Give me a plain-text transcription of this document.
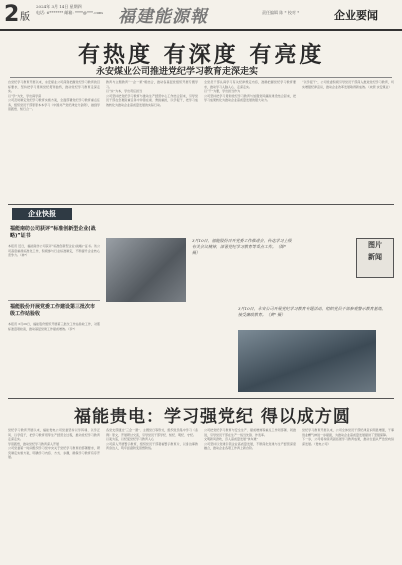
2 版
2024年 3月 14日 星期四
电话: 6******* 邮箱: ****@***.com 福建能源報	责任编辑 陈 * 校对 *	企业要闻
有热度 有深度 有亮度
永安煤业公司推进党纪学习教育走深走实
自党纪学习教育开展以来，永安煤业公司深刻把握党纪学习教育的目标要求，坚持把学习贯彻党纪贯穿始终，推动党纪学习教育走深走实。
以“学”为先，学出真学深
公司及时制定党纪学习教育实施方案，全面部署党纪学习教育重点任务，组织党员干部原原本本学习《中国共产党纪律处分条例》，做到学思践悟、知行合一。
教育与主题教育“一企一策”相结合，推动各基层党组织开展专题学习。
以“实”为本，学出责任担当
公司坚持把党纪学习教育与推动生产经营中心工作结合起来，引导党员干部在急难险重任务中冲锋在前、勇挑重担，以学促干，把学习成效转化为推动企业高质量发展的实际行动。
全党员干部认真学习有关纪律规定内容，准确把握党纪学习教育要求，推动学习入脑入心、走深走实。
以“干”为要，学出担当作为
公司坚持把学习贯彻党纪学习教育与加强党风廉政建设结合起来，把学习成果转化为推动企业高质量发展的强大动力。
“以学促干”，公司党委积极引导党员干部深入推进党纪学习教育，切实增强纪律意识，推动企业改革发展取得新成效。（来源 永安煤业）
企业快报
福能南纺公司获评“标准创新型企业(战略)”证书
本报讯 近日，福能南纺公司获评“标准创新型企业(战略)”证书。该公司高度重视标准化工作，积极参与行业标准制定，不断提升企业核心竞争力。（林*）
福能股份开展党委工作建设第三批次市级工作站验收
本报讯 3月29日，福能股份组织开展第三批次工作站验收工作，对照标准逐项检查，推动基层党建工作提质增效。（李*）
3月10日，福能股份召开党委工作推进会，传达学习上级有关会议精神，部署党纪学习教育等重点工作。（陈* 摄）
图片
新闻
3月10日，永安公司开展党纪学习教育专题活动，组织党员干部参观警示教育基地，接受廉政教育。（黄* 摄）
福能贵电：学习强党纪 得以成方圆
党纪学习教育开展以来，福能贵电公司党委坚持以学铸魂、以学正风、以学促干，把学习教育贯穿生产经营全过程，推动党纪学习教育走深走实。
学思践悟，推动党纪学习教育深入开展
公司党委第一时间组织学习党中央关于党纪学习教育的部署要求，研究制定实施方案，明确学习内容、方式、步骤，确保学习教育有序开展。
各党支部通过“三会一课”、主题党日等形式，组织党员集中学习《条例》原文，开展研讨交流，引导党员干部学纪、知纪、明纪、守纪。
以案为鉴，以纪促党纪学习教育入心
公司深入开展警示教育，组织党员干部观看警示教育片，以身边事教育身边人，筑牢拒腐防变思想防线。
公司把党纪学习教育与安全生产、提质增效等重点工作同部署、同推进，引导党员干部在生产一线当先锋、作表率。
文明新风劲吹，迈入高质量发展“快车道”
公司坚持以党建引领企业高质量发展，不断深化党建与生产经营深度融合，推动企业各项工作再上新台阶。
党纪学习教育开展以来，公司全体党员干部纪律意识明显增强，干事创业精气神进一步提振，为推动企业高质量发展提供了坚强保障。
下一步，公司将持续巩固拓展学习教育成果，推动全面从严治党向纵深发展。（贵电公司）
